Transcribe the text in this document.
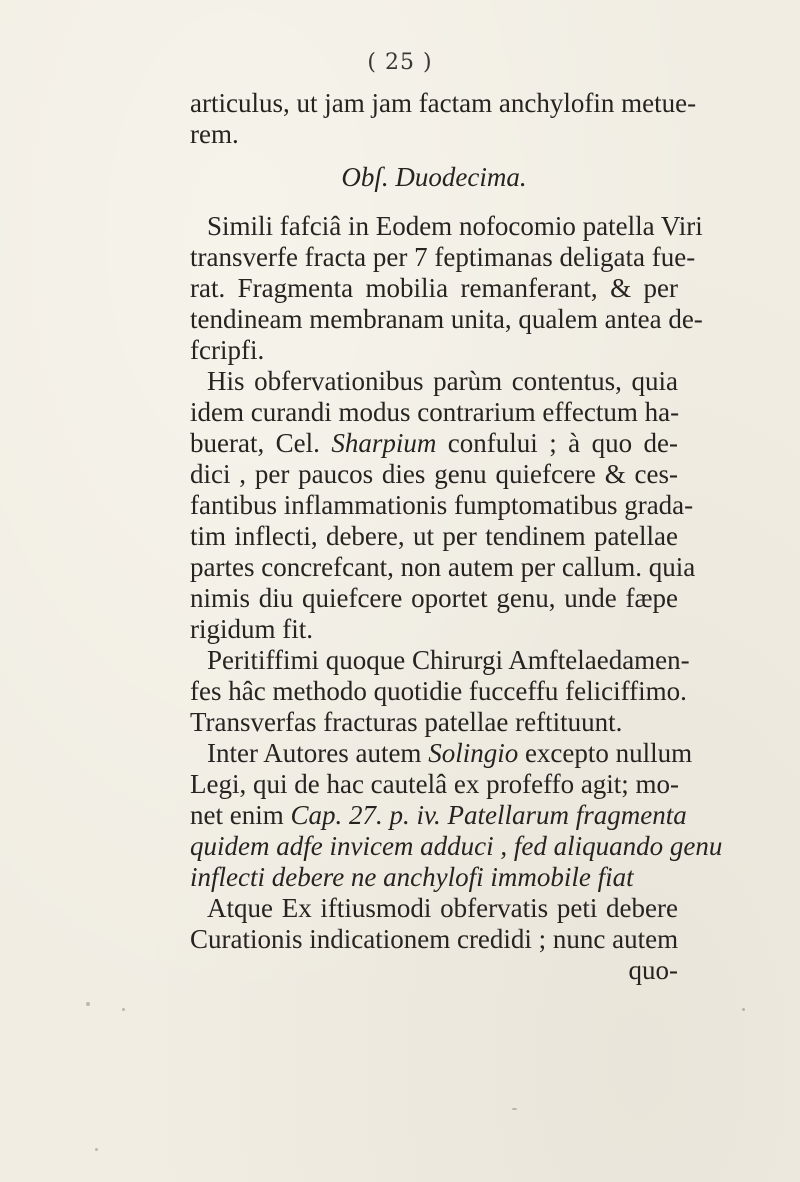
( 25 )
articulus, ut jam jam factam anchylofin metue-
rem.
Obſ. Duodecima.
Simili fafciâ in Eodem nofocomio patella Viri
transverfe fracta per 7 feptimanas deligata fue-
rat. Fragmenta mobilia remanferant, & per
tendineam membranam unita, qualem antea de-
fcripfi.
His obfervationibus parùm contentus, quia
idem curandi modus contrarium effectum ha-
buerat, Cel. Sharpium confului ; à quo de-
dici , per paucos dies genu quiefcere & ces-
fantibus inflammationis fumptomatibus grada-
tim inflecti, debere, ut per tendinem patellae
partes concrefcant, non autem per callum. quia
nimis diu quiefcere oportet genu, unde fæpe
rigidum fit.
Peritiffimi quoque Chirurgi Amftelaedamen-
fes hâc methodo quotidie fucceffu feliciffimo.
Transverfas fracturas patellae reftituunt.
Inter Autores autem Solingio excepto nullum
Legi, qui de hac cautelâ ex profeffo agit; mo-
net enim Cap. 27. p. iv. Patellarum fragmenta
quidem adfe invicem adduci , fed aliquando genu
inflecti debere ne anchylofi immobile fiat
Atque Ex iftiusmodi obfervatis peti debere
Curationis indicationem credidi ; nunc autem
quo-
